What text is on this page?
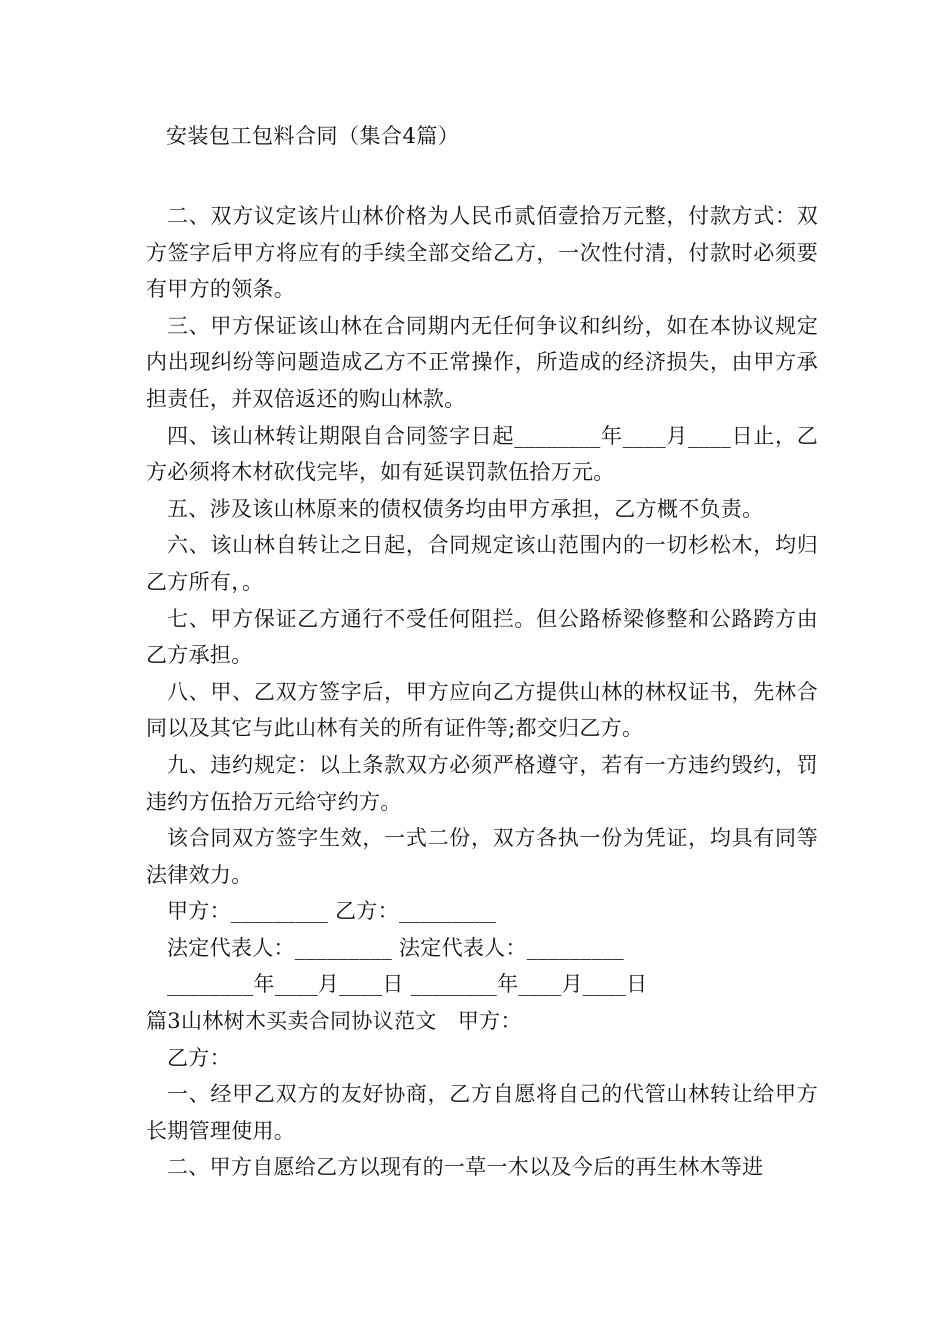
安装包工包料合同（集合4篇）

二、双方议定该片山林价格为人民币贰佰壹拾万元整，付款方式：双方签字后甲方将应有的手续全部交给乙方，一次性付清，付款时必须要有甲方的领条。

三、甲方保证该山林在合同期内无任何争议和纠纷，如在本协议规定内出现纠纷等问题造成乙方不正常操作，所造成的经济损失，由甲方承担责任，并双倍返还的购山林款。

四、该山林转让期限自合同签字日起________年____月____日止，乙方必须将木材砍伐完毕，如有延误罚款伍拾万元。

五、涉及该山林原来的债权债务均由甲方承担，乙方概不负责。

六、该山林自转让之日起，合同规定该山范围内的一切杉松木，均归乙方所有，。

七、甲方保证乙方通行不受任何阻拦。但公路桥梁修整和公路跨方由乙方承担。

八、甲、乙双方签字后，甲方应向乙方提供山林的林权证书，先林合同以及其它与此山林有关的所有证件等;都交归乙方。

九、违约规定：以上条款双方必须严格遵守，若有一方违约毁约，罚违约方伍拾万元给守约方。

该合同双方签字生效，一式二份，双方各执一份为凭证，均具有同等法律效力。

甲方：_________ 乙方：_________

法定代表人：_________ 法定代表人：_________

________年____月____日 ________年____月____日

篇3山林树木买卖合同协议范文　甲方：

乙方：

一、经甲乙双方的友好协商，乙方自愿将自己的代管山林转让给甲方长期管理使用。

二、甲方自愿给乙方以现有的一草一木以及今后的再生林木等进
